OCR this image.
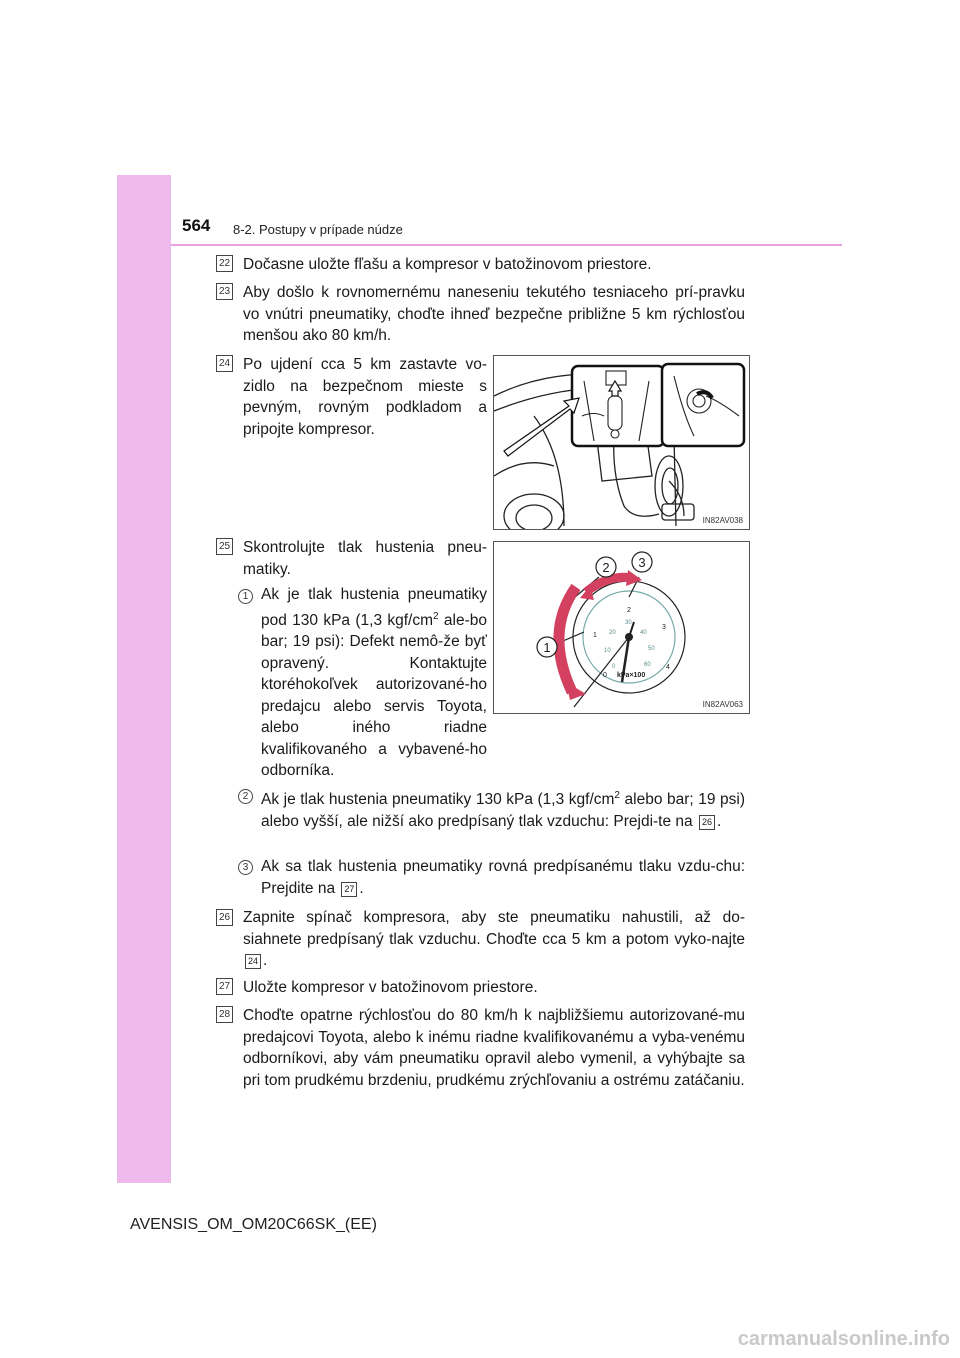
564 8-2. Postupy v prípade núdze
22 Dočasne uložte fľašu a kompresor v batožinovom priestore.
23 Aby došlo k rovnomernému naneseniu tekutého tesniaceho prí-pravku vo vnútri pneumatiky, choďte ihneď bezpečne približne 5 km rýchlosťou menšou ako 80 km/h.
24 Po ujdení cca 5 km zastavte vo-zidlo na bezpečnom mieste s pevným, rovným podkladom a pripojte kompresor.
IN82AV038
25 Skontrolujte tlak hustenia pneu-matiky.
1
2 3
0
1
2
3
4
0
10
20
30
40
50
60
kPa×100
IN82AV063
1 Ak je tlak hustenia pneumatiky pod 130 kPa (1,3 kgf/$cm^2$ ale-bo bar; 19 psi): Defekt nemô-že byť opravený. Kontaktujte ktoréhokoľvek autorizované-ho predajcu alebo servis Toyota, alebo iného riadne kvalifikovaného a vybavené-ho odborníka.
2 Ak je tlak hustenia pneumatiky 130 kPa (1,3 kgf/$cm^2$ alebo bar; 19 psi) alebo vyšší, ale nižší ako predpísaný tlak vzduchu: Prejdi-te na 26 .
3 Ak sa tlak hustenia pneumatiky rovná predpísanému tlaku vzdu-chu: Prejdite na 27 .
26 Zapnite spínač kompresora, aby ste pneumatiku nahustili, až do-siahnete predpísaný tlak vzduchu. Choďte cca 5 km a potom vyko-najte 24 .
27 Uložte kompresor v batožinovom priestore.
28 Choďte opatrne rýchlosťou do 80 km/h k najbližšiemu autorizované-mu predajcovi Toyota, alebo k inému riadne kvalifikovanému a vyba-venému odborníkovi, aby vám pneumatiku opravil alebo vymenil, a vyhýbajte sa pri tom prudkému brzdeniu, prudkému zrýchľovaniu a ostrému zatáčaniu.
AVENSIS_OM_OM20C66SK_(EE)
carmanualsonline.info
